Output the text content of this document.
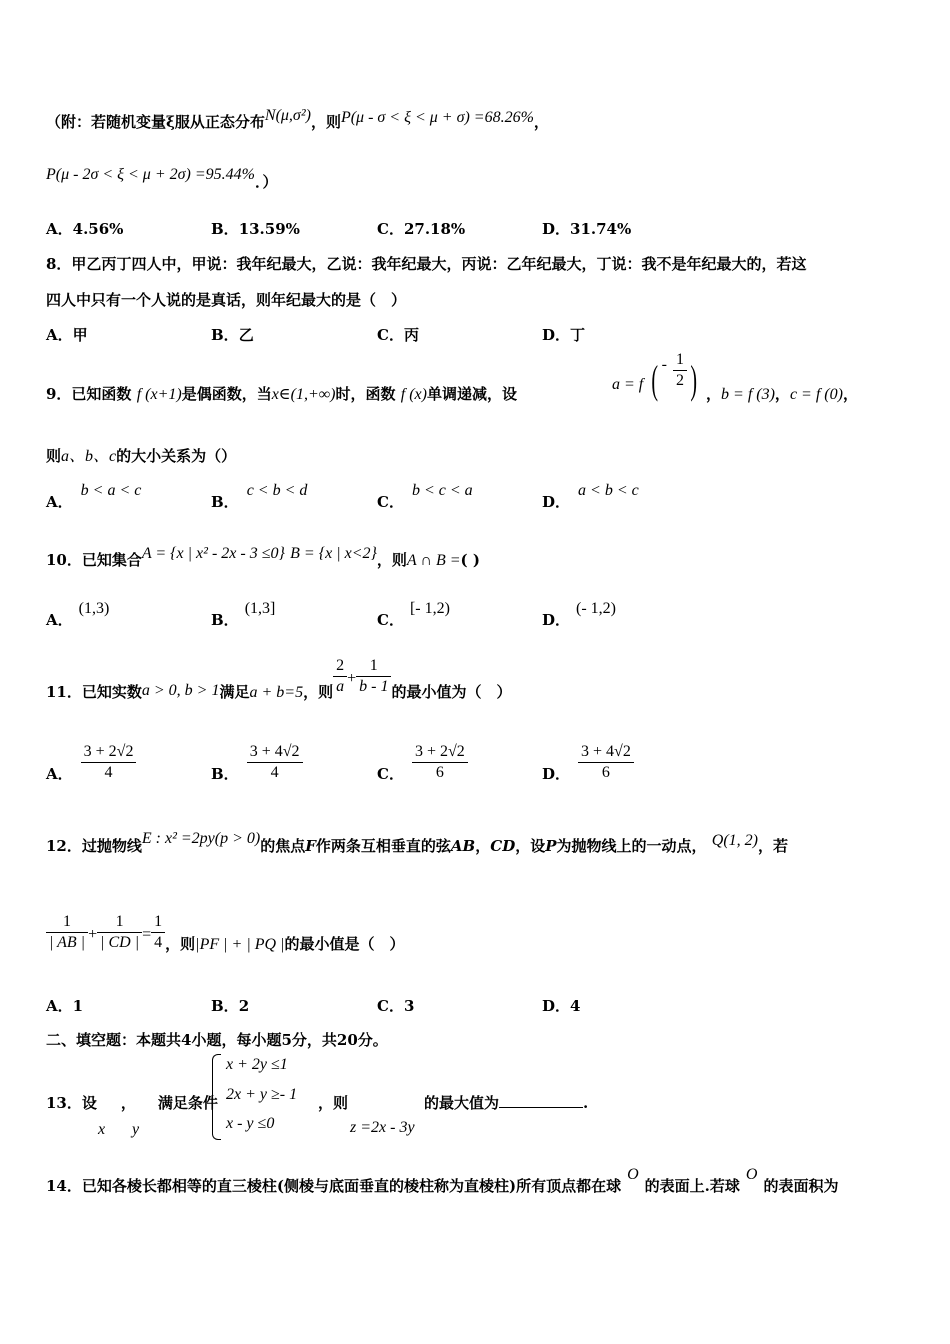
（附：若随机变量ξ服从正态分布N(μ,σ²)，则P(μ - σ < ξ < μ + σ) =68.26%，
P(μ - 2σ < ξ < μ + 2σ) =95.44%．）
A．4.56%	B．13.59%	C．27.18%	D．31.74%
8．甲乙丙丁四人中，甲说：我年纪最大，乙说：我年纪最大，丙说：乙年纪最大，丁说：我不是年纪最大的，若这
四人中只有一个人说的是真话，则年纪最大的是（　）
A．甲	B．乙	C．丙	D．丁
9．已知函数 f (x+1)是偶函数，当x∈(1,+∞)时，函数 f (x)单调递减，设
a = f ( - $\frac{1}{2}$ ) ，b = f (3)，c = f (0)，
则a、b、c的大小关系为（）
A．b < a < c
B．c < b < d
C．b < c < a
D．a < b < c
10．已知集合A = {x | x² - 2x - 3 ≤0} B = {x | x<2}，则A ∩ B =( )
A．(1,3)
B．(1,3]
C．[- 1,2)
D．(- 1,2)
11．已知实数a > 0, b > 1满足a + b=5，则 $\frac{2}{a} + \frac{1}{b - 1}$ 的最小值为（　）
A． $\frac{3 + 2√2}{4}$	B． $\frac{3 + 4√2}{4}$	C． $\frac{3 + 2√2}{6}$	D． $\frac{3 + 4√2}{6}$
12．过抛物线E : x² =2py(p > 0)的焦点F作两条互相垂直的弦AB，CD，设P为抛物线上的一动点， Q(1, 2)，若
$\frac{1}{| AB |} + \frac{1}{| CD |} = \frac{1}{4}$ ，则|PF | + | PQ |的最小值是（　）
A．1	B．2	C．3	D．4
二、填空题：本题共4小题，每小题5分，共20分。
13．设 ， 满足条件
x y
x + 2y ≤1
2x + y ≥- 1
x - y ≤0
，则	的最大值为	.
z =2x - 3y
14．已知各棱长都相等的直三棱柱(侧棱与底面垂直的棱柱称为直棱柱)所有顶点都在球O的表面上.若球O的表面积为
